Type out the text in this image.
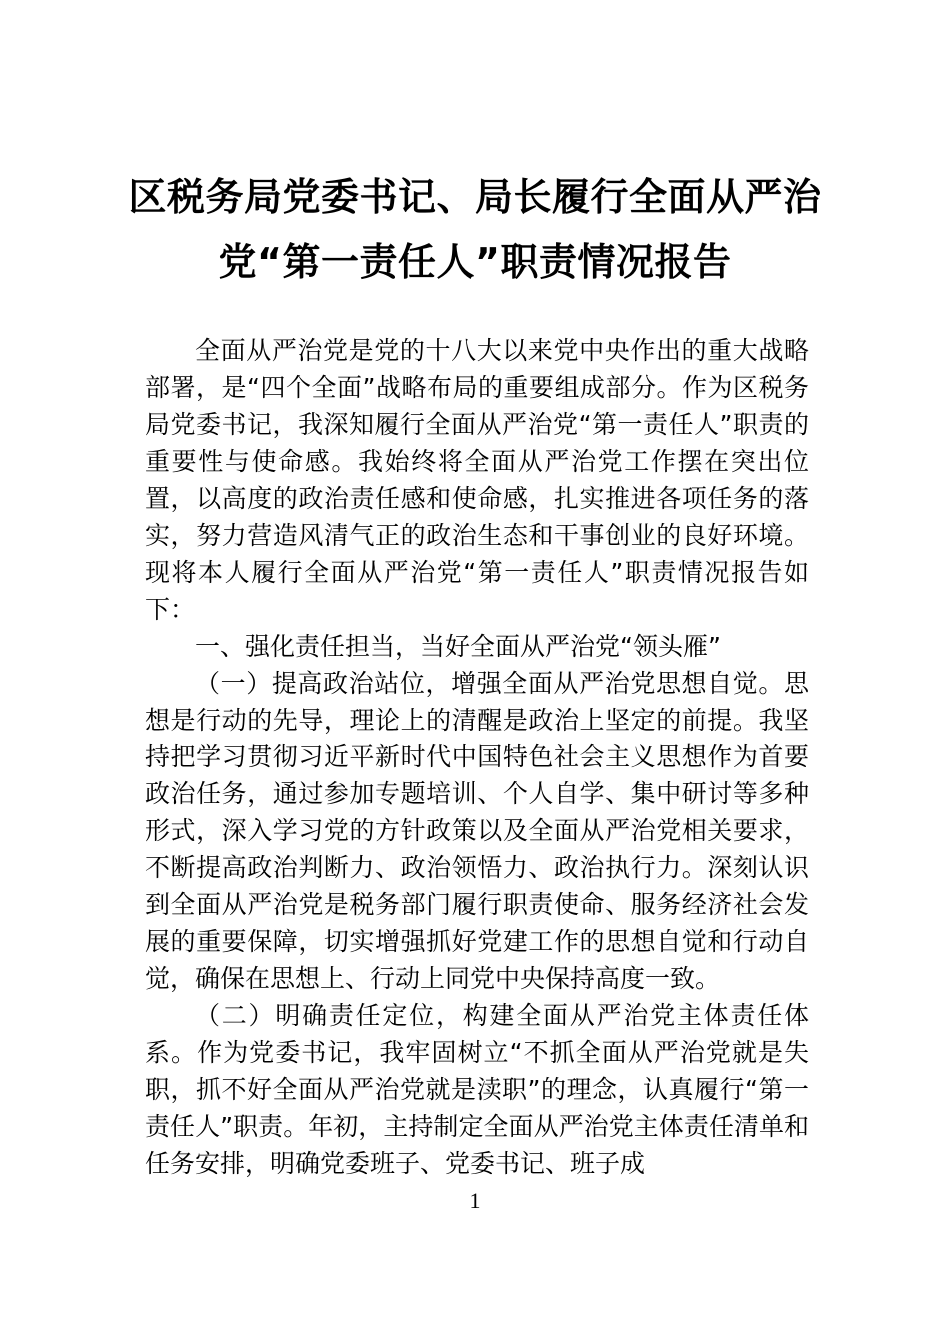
区税务局党委书记、局长履行全面从严治
党“第一责任人”职责情况报告

全面从严治党是党的十八大以来党中央作出的重大战略部署，是“四个全面”战略布局的重要组成部分。作为区税务局党委书记，我深知履行全面从严治党“第一责任人”职责的重要性与使命感。我始终将全面从严治党工作摆在突出位置，以高度的政治责任感和使命感，扎实推进各项任务的落实，努力营造风清气正的政治生态和干事创业的良好环境。现将本人履行全面从严治党“第一责任人”职责情况报告如下：

一、强化责任担当，当好全面从严治党“领头雁”

（一）提高政治站位，增强全面从严治党思想自觉。思想是行动的先导，理论上的清醒是政治上坚定的前提。我坚持把学习贯彻习近平新时代中国特色社会主义思想作为首要政治任务，通过参加专题培训、个人自学、集中研讨等多种形式，深入学习党的方针政策以及全面从严治党相关要求，不断提高政治判断力、政治领悟力、政治执行力。深刻认识到全面从严治党是税务部门履行职责使命、服务经济社会发展的重要保障，切实增强抓好党建工作的思想自觉和行动自觉，确保在思想上、行动上同党中央保持高度一致。

（二）明确责任定位，构建全面从严治党主体责任体系。作为党委书记，我牢固树立“不抓全面从严治党就是失职，抓不好全面从严治党就是渎职”的理念，认真履行“第一责任人”职责。年初，主持制定全面从严治党主体责任清单和任务安排，明确党委班子、党委书记、班子成

1
